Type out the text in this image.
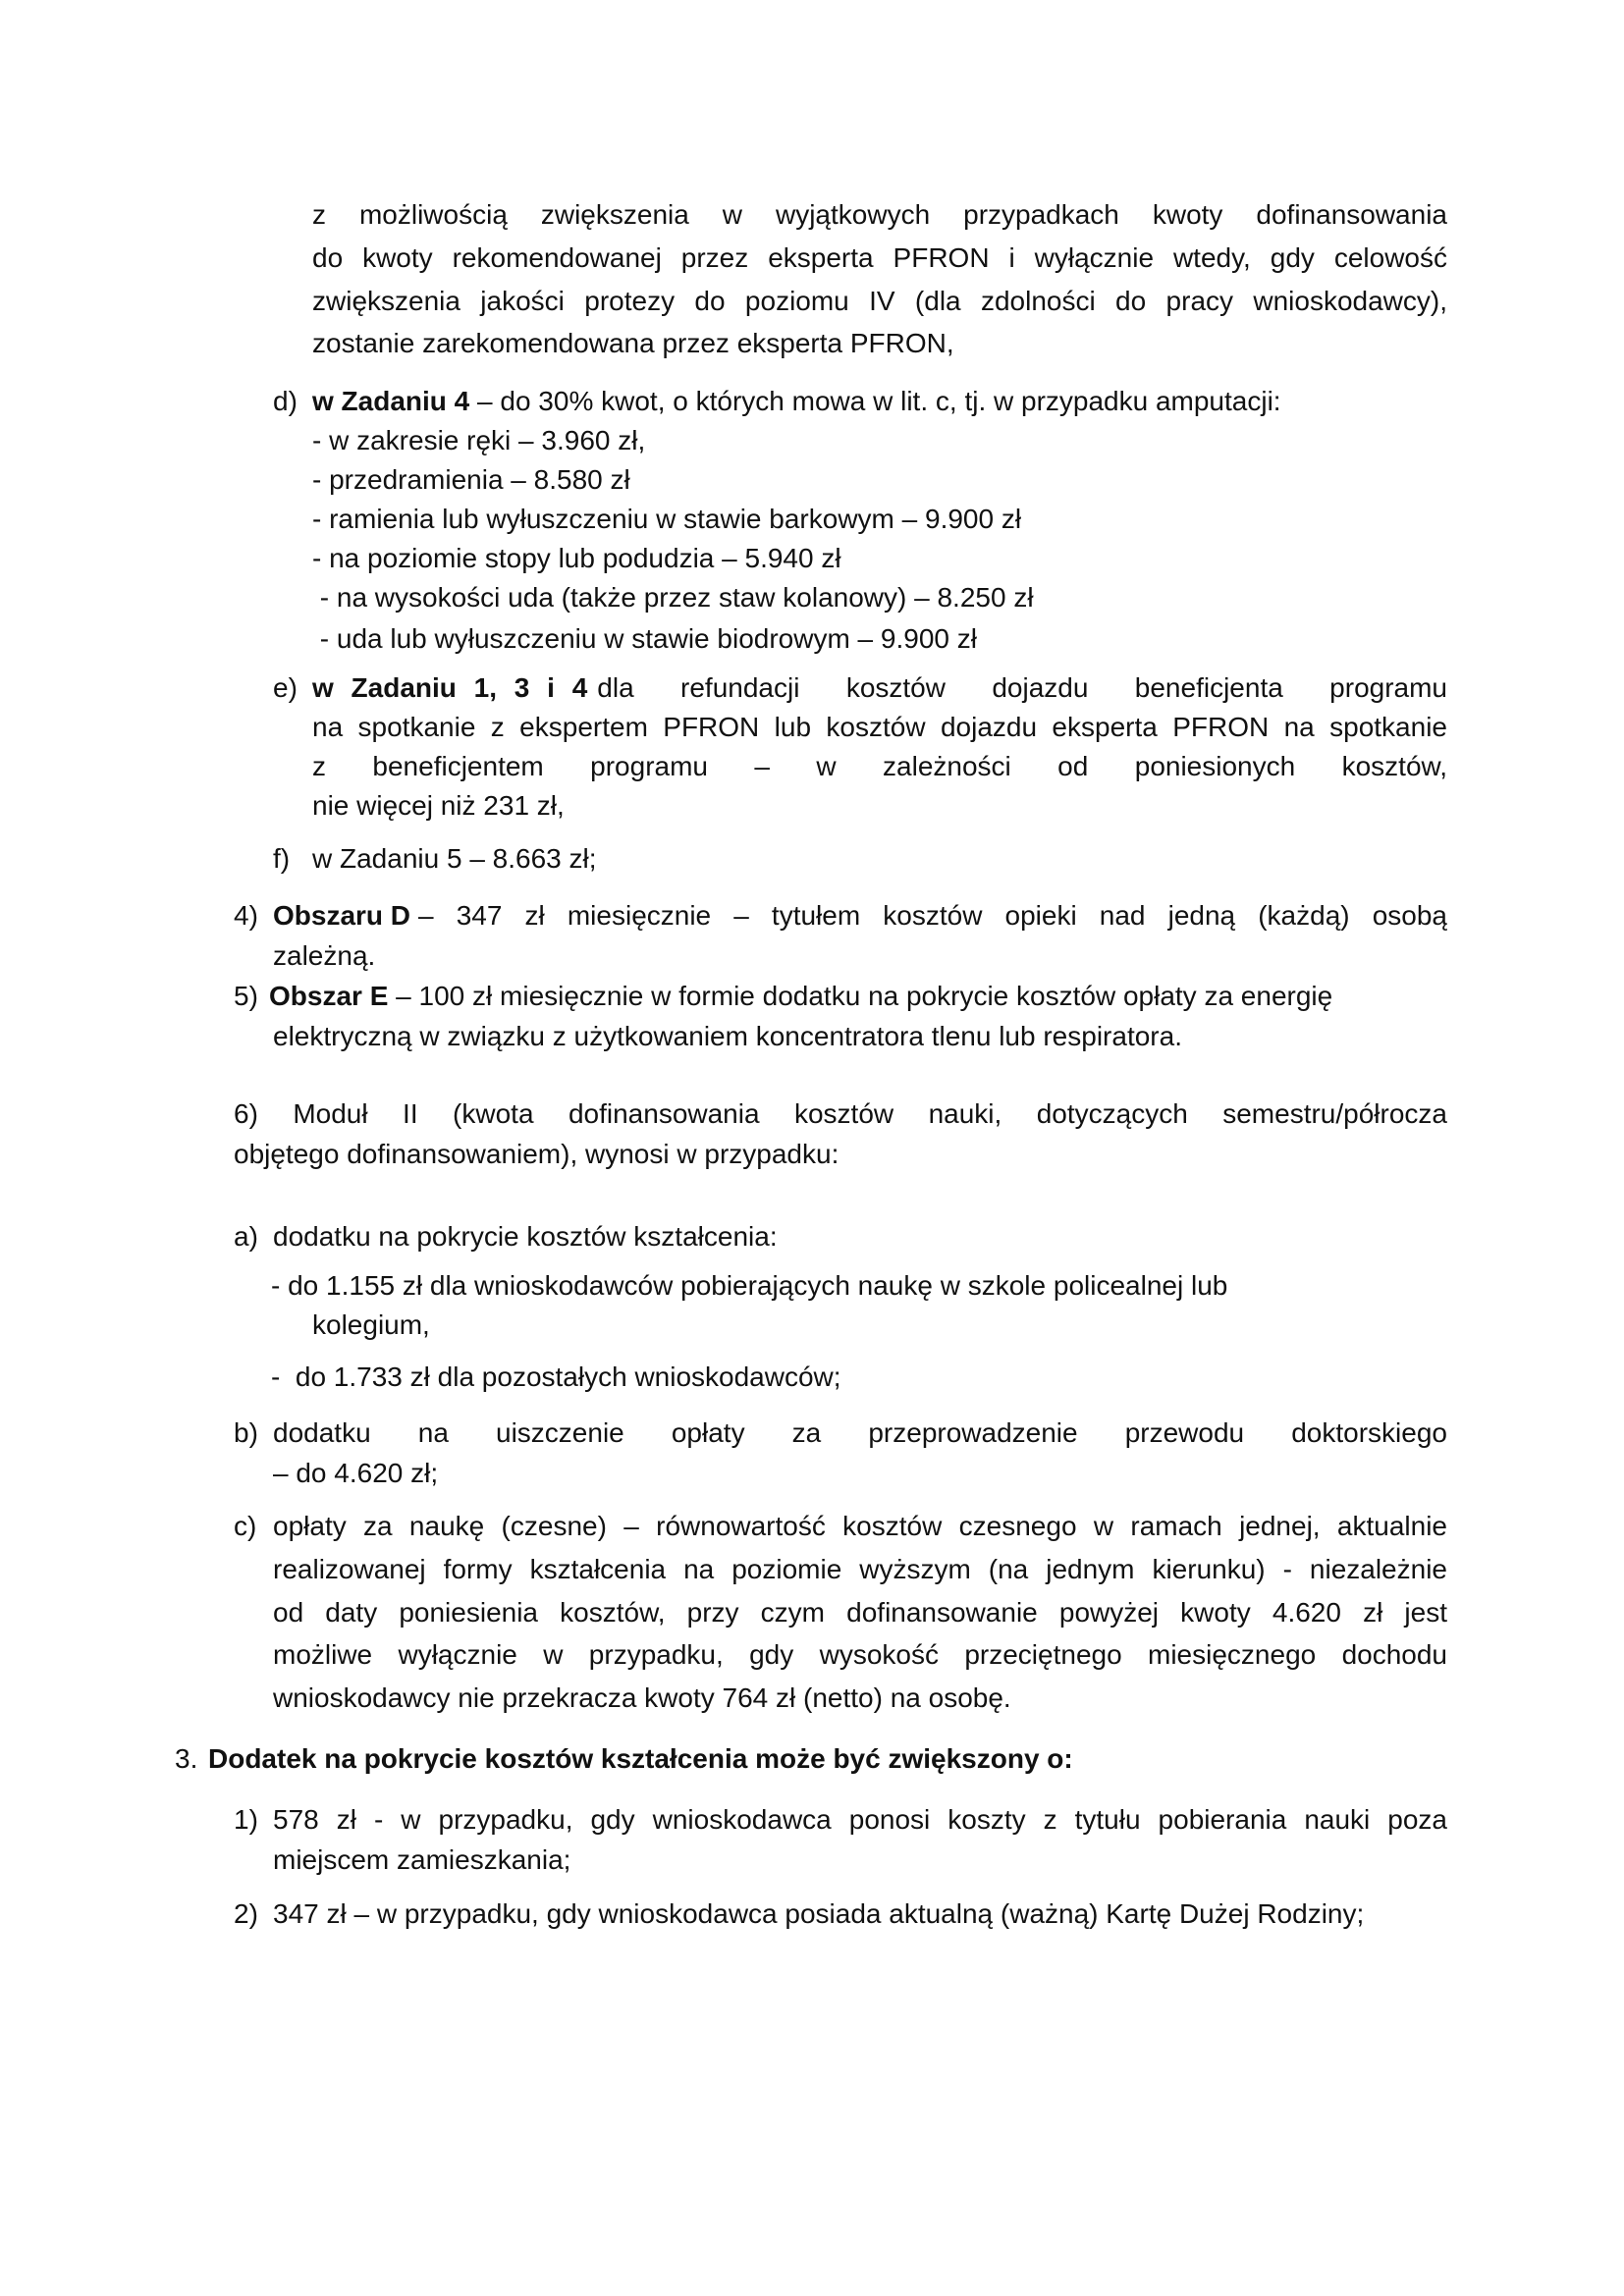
z możliwością zwiększenia w wyjątkowych przypadkach kwoty dofinansowania
do kwoty rekomendowanej przez eksperta PFRON i wyłącznie wtedy, gdy celowość
zwiększenia jakości protezy do poziomu IV (dla zdolności do pracy wnioskodawcy),
zostanie zarekomendowana przez eksperta PFRON,
d) w Zadaniu 4 – do 30% kwot, o których mowa w lit. c, tj. w przypadku amputacji:
- w zakresie ręki – 3.960 zł,
- przedramienia – 8.580 zł
- ramienia lub wyłuszczeniu w stawie barkowym – 9.900 zł
- na poziomie stopy lub podudzia – 5.940 zł
- na wysokości uda (także przez staw kolanowy) – 8.250 zł
- uda lub wyłuszczeniu w stawie biodrowym – 9.900 zł
e) w Zadaniu 1, 3 i 4 dla refundacji kosztów dojazdu beneficjenta programu
na spotkanie z ekspertem PFRON lub kosztów dojazdu eksperta PFRON na spotkanie
z beneficjentem programu – w zależności od poniesionych kosztów,
nie więcej niż 231 zł,
f) w Zadaniu 5 – 8.663 zł;
4) Obszaru D – 347 zł miesięcznie – tytułem kosztów opieki nad jedną (każdą) osobą
zależną.
5) Obszar E – 100 zł miesięcznie w formie dodatku na pokrycie kosztów opłaty za energię
elektryczną w związku z użytkowaniem koncentratora tlenu lub respiratora.
6) Moduł II (kwota dofinansowania kosztów nauki, dotyczących semestru/półrocza
objętego dofinansowaniem), wynosi w przypadku:
a) dodatku na pokrycie kosztów kształcenia:
- do 1.155 zł dla wnioskodawców pobierających naukę w szkole policealnej lub
kolegium,
-  do 1.733 zł dla pozostałych wnioskodawców;
b) dodatku na uiszczenie opłaty za przeprowadzenie przewodu doktorskiego
– do 4.620 zł;
c) opłaty za naukę (czesne) – równowartość kosztów czesnego w ramach jednej, aktualnie
realizowanej formy kształcenia na poziomie wyższym (na jednym kierunku) - niezależnie
od daty poniesienia kosztów, przy czym dofinansowanie powyżej kwoty 4.620 zł jest
możliwe wyłącznie w przypadku, gdy wysokość przeciętnego miesięcznego dochodu
wnioskodawcy nie przekracza kwoty 764 zł (netto) na osobę.
3. Dodatek na pokrycie kosztów kształcenia może być zwiększony o:
1) 578 zł - w przypadku, gdy wnioskodawca ponosi koszty z tytułu pobierania nauki poza
miejscem zamieszkania;
2) 347 zł – w przypadku, gdy wnioskodawca posiada aktualną (ważną) Kartę Dużej Rodziny;
